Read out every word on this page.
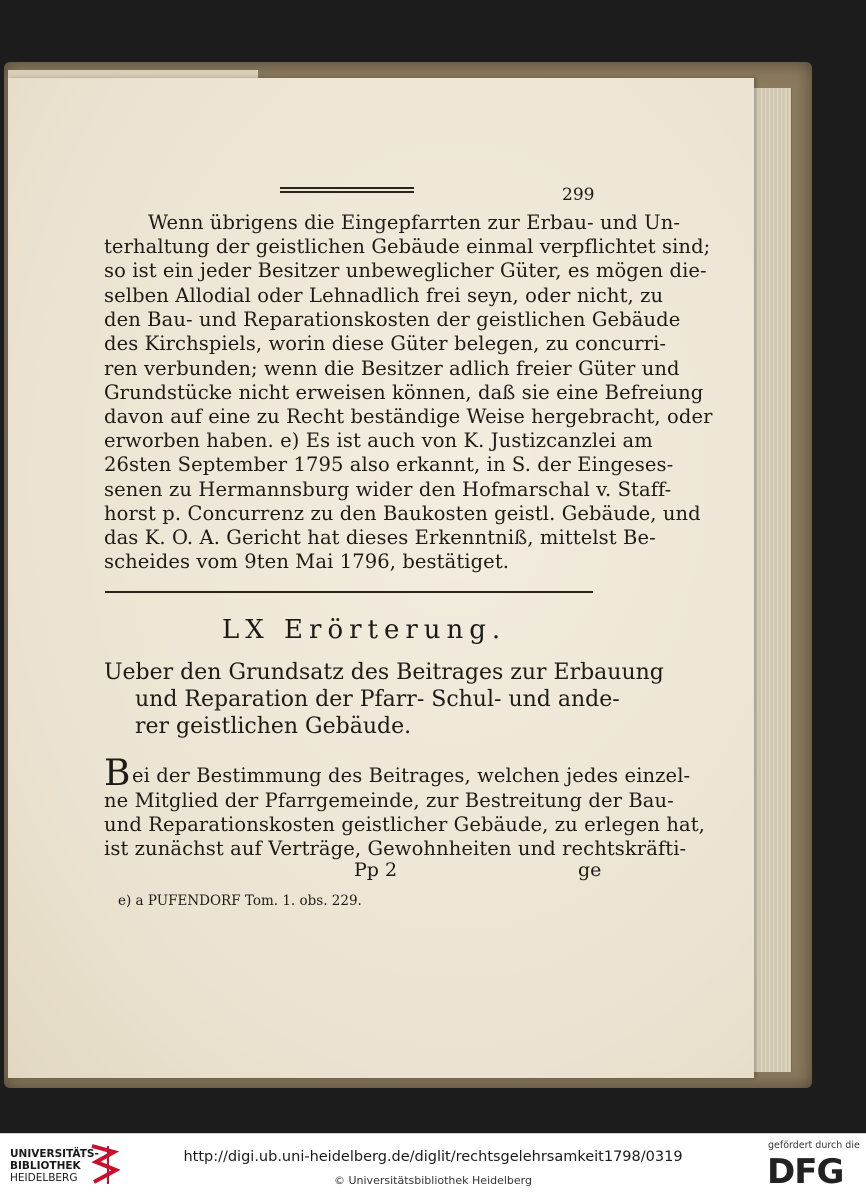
299
Wenn übrigens die Eingepfarrten zur Erbau- und Un-
terhaltung der geistlichen Gebäude einmal verpflichtet sind;
so ist ein jeder Besitzer unbeweglicher Güter, es mögen die-
selben Allodial oder Lehnadlich frei seyn, oder nicht, zu
den Bau- und Reparationskosten der geistlichen Gebäude
des Kirchspiels, worin diese Güter belegen, zu concurri-
ren verbunden; wenn die Besitzer adlich freier Güter und
Grundstücke nicht erweisen können, daß sie eine Befreiung
davon auf eine zu Recht beständige Weise hergebracht, oder
erworben haben. e) Es ist auch von K. Justizcanzlei am
26sten September 1795 also erkannt, in S. der Eingeses-
senen zu Hermannsburg wider den Hofmarschal v. Staff-
horst p. Concurrenz zu den Baukosten geistl. Gebäude, und
das K. O. A. Gericht hat dieses Erkenntniß, mittelst Be-
scheides vom 9ten Mai 1796, bestätiget.
LX Erörterung.
Ueber den Grundsatz des Beitrages zur Erbauung
und Reparation der Pfarr- Schul- und ande-
rer geistlichen Gebäude.
B ei der Bestimmung des Beitrages, welchen jedes einzel-
ne Mitglied der Pfarrgemeinde, zur Bestreitung der Bau-
und Reparationskosten geistlicher Gebäude, zu erlegen hat,
ist zunächst auf Verträge, Gewohnheiten und rechtskräfti-
Pp 2	ge
e) a PUFENDORF Tom. 1. obs. 229.
UNIVERSITÄTS-
BIBLIOTHEK
HEIDELBERG
http://digi.ub.uni-heidelberg.de/diglit/rechtsgelehrsamkeit1798/0319
© Universitätsbibliothek Heidelberg
gefördert durch die
DFG
